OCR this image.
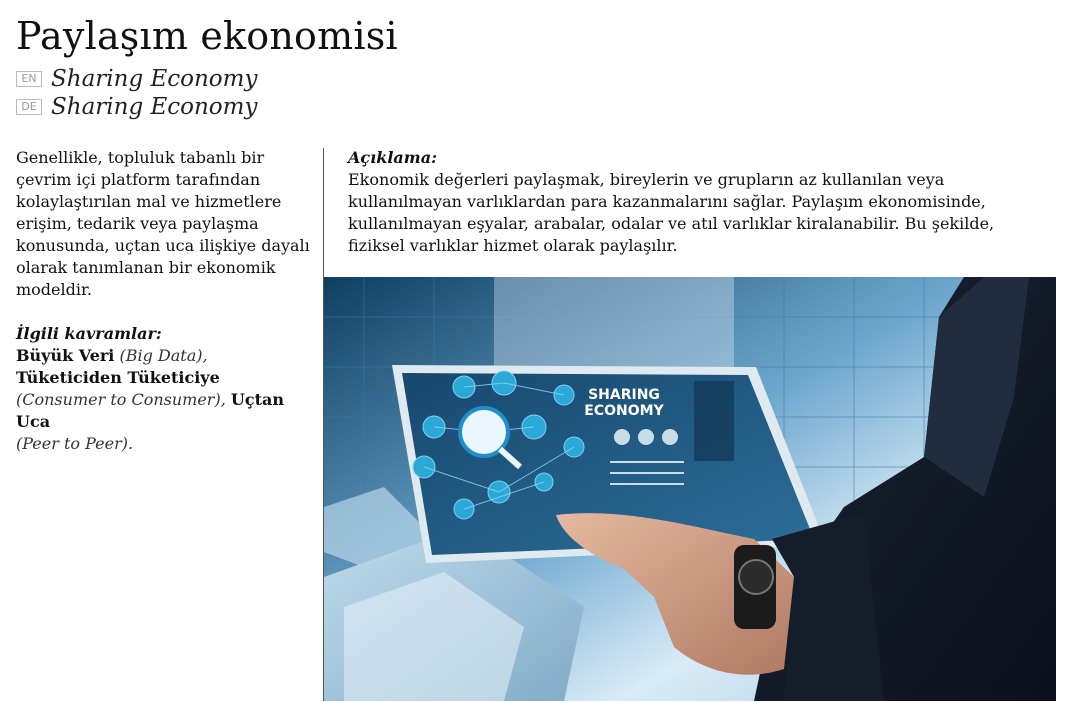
Paylaşım ekonomisi
EN Sharing Economy
DE Sharing Economy

Genellikle, topluluk tabanlı bir çevrim içi platform tarafından kolaylaştırılan mal ve hizmetlere erişim, tedarik veya paylaşma konusunda, uçtan uca ilişkiye dayalı olarak tanımlanan bir ekonomik modeldir.

İlgili kavramlar:

Büyük Veri (Big Data),
Tüketiciden Tüketiciye
(Consumer to Consumer), Uçtan Uca
(Peer to Peer).

Açıklama:

Ekonomik değerleri paylaşmak, bireylerin ve grupların az kullanılan veya kullanılmayan varlıklardan para kazanmalarını sağlar. Paylaşım ekonomisinde, kullanılmayan eşyalar, arabalar, odalar ve atıl varlıklar kiralanabilir. Bu şekilde, fiziksel varlıklar hizmet olarak paylaşılır.

SHARING
ECONOMY
